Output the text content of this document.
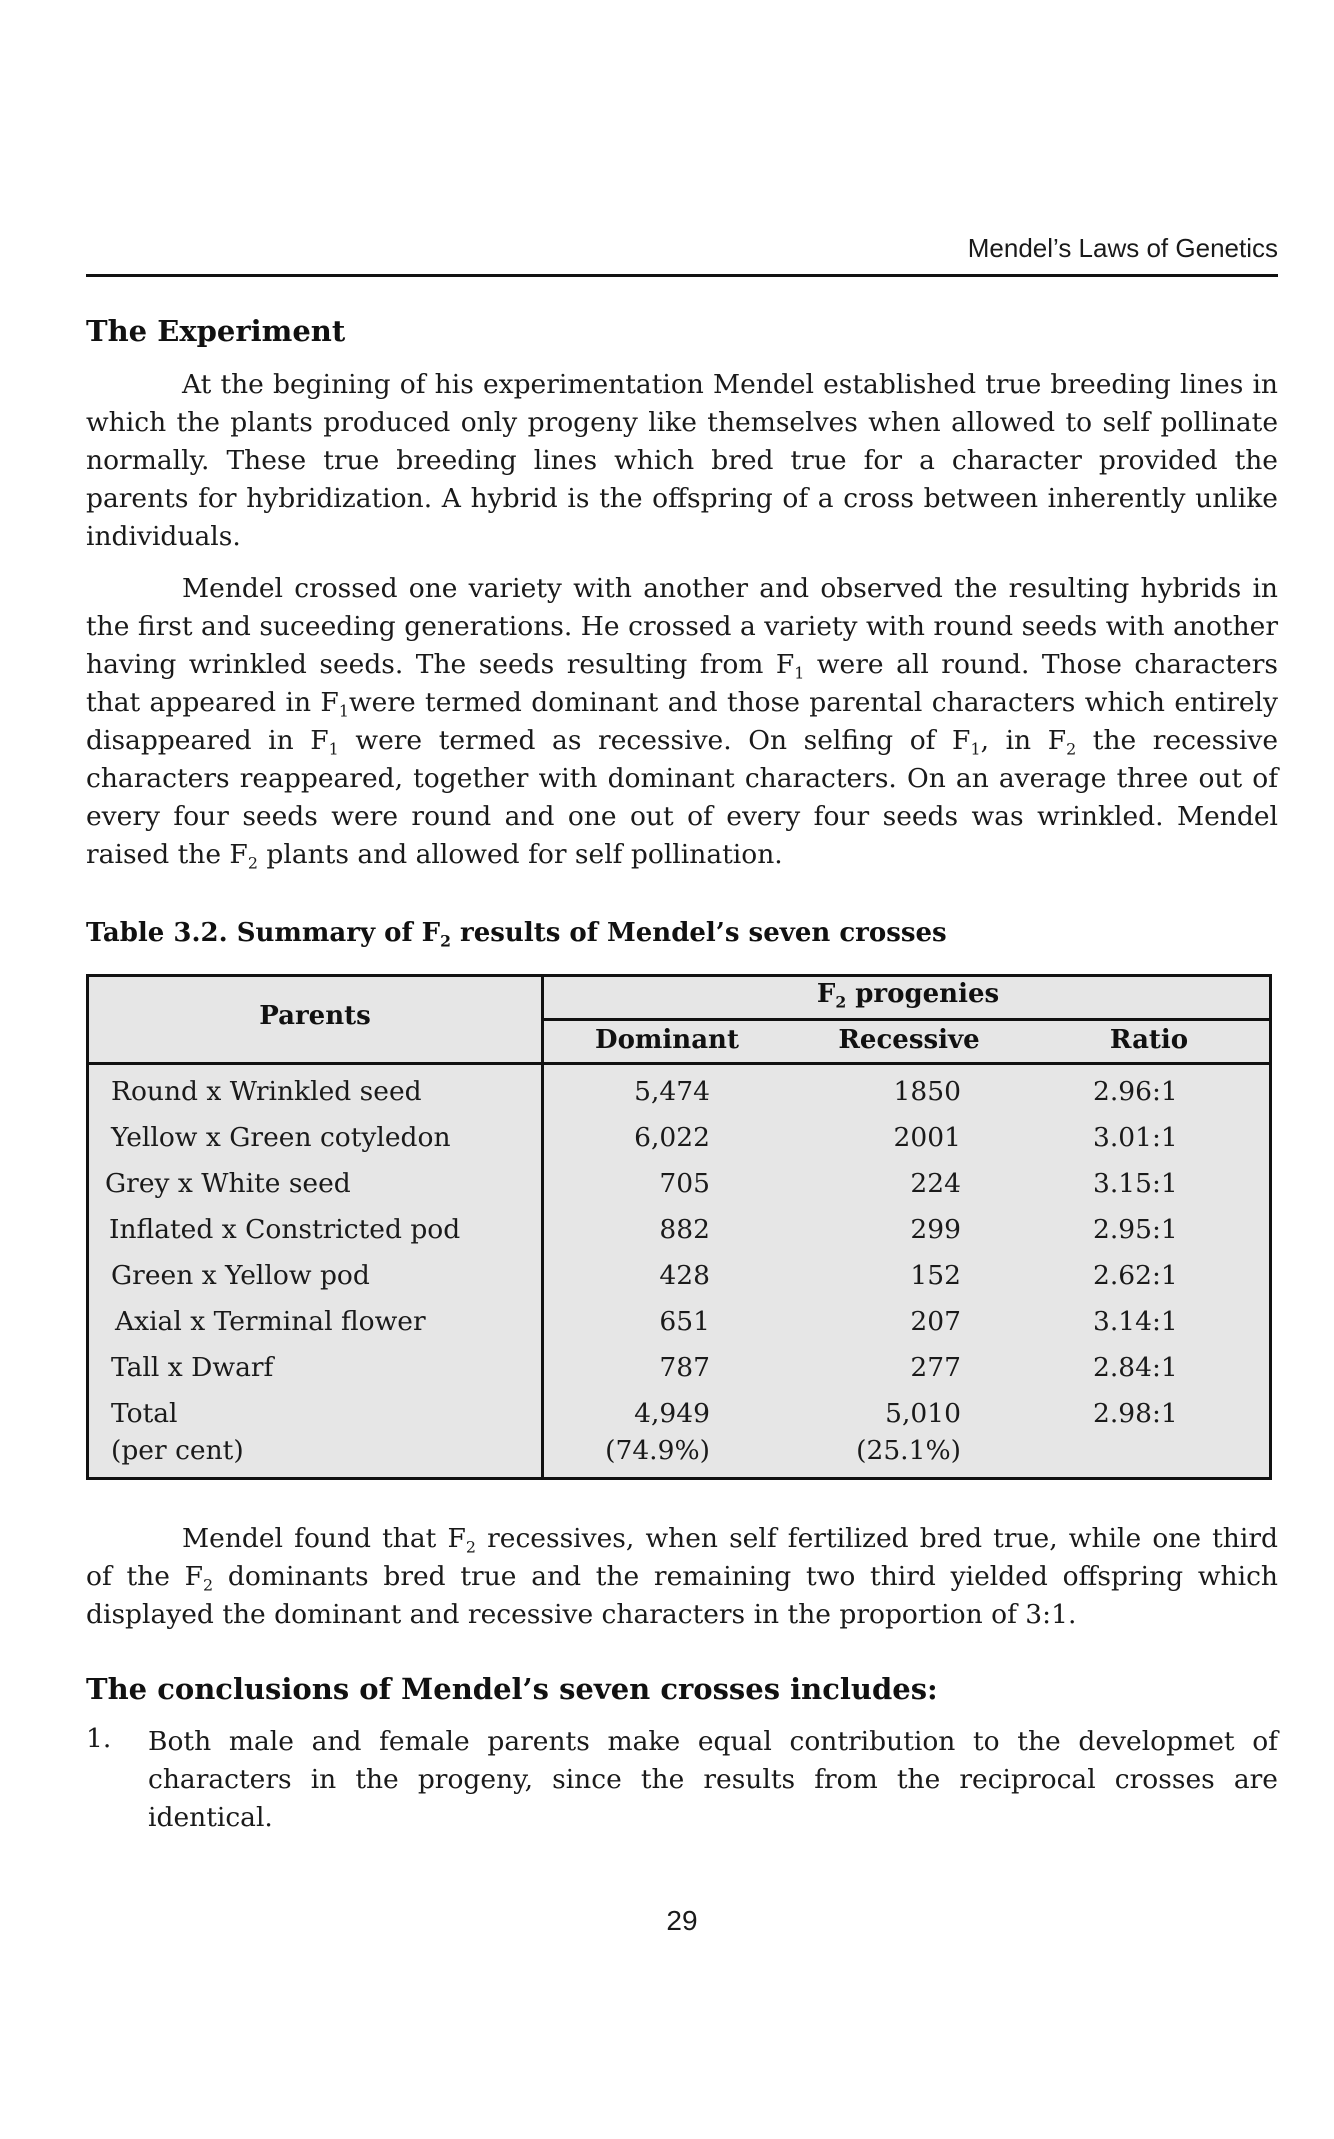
Mendel’s Laws of Genetics
The Experiment

At the begining of his experimentation Mendel established true breeding lines in which the plants produced only progeny like themselves when allowed to self pollinate normally. These true breeding lines which bred true for a character provided the parents for hybridization. A hybrid is the offspring of a cross between inherently unlike individuals.

Mendel crossed one variety with another and observed the resulting hybrids in the first and suceeding generations. He crossed a variety with round seeds with another having wrinkled seeds. The seeds resulting from $F_1$ were all round. Those characters that appeared in $F_1were$ termed dominant and those parental characters which entirely disappeared in $F_1$ were termed as recessive. On selfing of $F_1$, in $F_2$ the recessive characters reappeared, together with dominant characters. On an average three out of every four seeds were round and one out of every four seeds was wrinkled. Mendel raised the $F_2$ plants and allowed for self pollination.

Table 3.2. Summary of $F_2$ results of Mendel’s seven crosses

Parents
$F_2$ progenies
Dominant	Recessive	Ratio
Round x Wrinkled seed	5,474	1850	2.96:1
Yellow x Green cotyledon	6,022	2001	3.01:1
Grey x White seed	705	224	3.15:1
Inflated x Constricted pod	882	299	2.95:1
Green x Yellow pod	428	152	2.62:1
Axial x Terminal flower	651	207	3.14:1
Tall x Dwarf	787	277	2.84:1
Total	4,949	5,010	2.98:1
(per cent)	(74.9%)	(25.1%)

Mendel found that $F_2$ recessives, when self fertilized bred true, while one third of the $F_2$ dominants bred true and the remaining two third yielded offspring which displayed the dominant and recessive characters in the proportion of 3:1.

The conclusions of Mendel’s seven crosses includes:
1. Both male and female parents make equal contribution to the developmet of characters in the progeny, since the results from the reciprocal crosses are identical.

29
